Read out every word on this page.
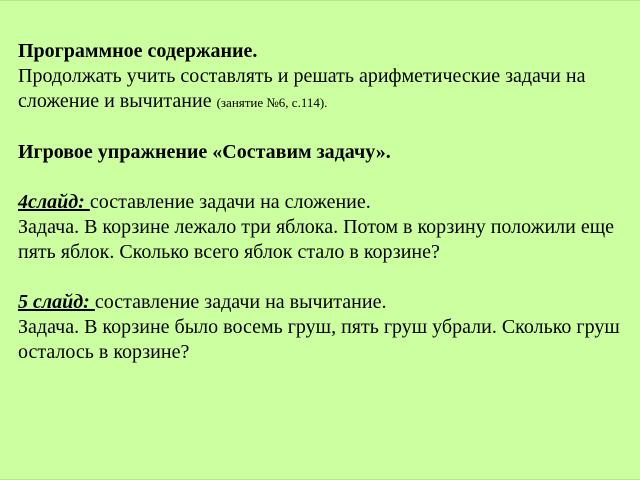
Программное содержание.

Продолжать учить составлять и решать арифметические задачи на сложение и вычитание (занятие №6, с.114).

Игровое упражнение «Составим задачу».

4слайд: составление задачи на сложение.

Задача. В корзине лежало три яблока. Потом в корзину положили еще пять яблок. Сколько всего яблок стало в корзине?

5 слайд: составление задачи на вычитание.

Задача. В корзине было восемь груш, пять груш убрали. Сколько груш осталось в корзине?
